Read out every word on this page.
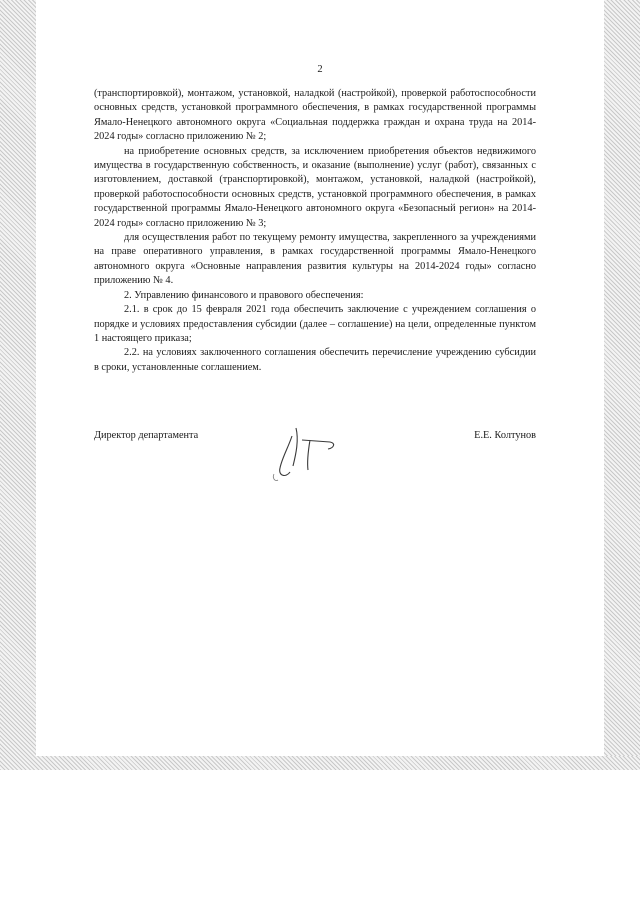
2

(транспортировкой), монтажом, установкой, наладкой (настройкой), проверкой работоспособности основных средств, установкой программного обеспечения, в рамках государственной программы Ямало-Ненецкого автономного округа «Социальная поддержка граждан и охрана труда на 2014-2024 годы» согласно приложению № 2;

на приобретение основных средств, за исключением приобретения объектов недвижимого имущества в государственную собственность, и оказание (выполнение) услуг (работ), связанных с изготовлением, доставкой (транспортировкой), монтажом, установкой, наладкой (настройкой), проверкой работоспособности основных средств, установкой программного обеспечения, в рамках государственной программы Ямало-Ненецкого автономного округа «Безопасный регион» на 2014-2024 годы» согласно приложению № 3;

для осуществления работ по текущему ремонту имущества, закрепленного за учреждениями на праве оперативного управления, в рамках государственной программы Ямало-Ненецкого автономного округа «Основные направления развития культуры на 2014-2024 годы» согласно приложению № 4.

2. Управлению финансового и правового обеспечения:

2.1. в срок до 15 февраля 2021 года обеспечить заключение с учреждением соглашения о порядке и условиях предоставления субсидии (далее – соглашение) на цели, определенные пунктом 1 настоящего приказа;

2.2. на условиях заключенного соглашения обеспечить перечисление учреждению субсидии в сроки, установленные соглашением.

Директор департамента	Е.Е. Колтунов
